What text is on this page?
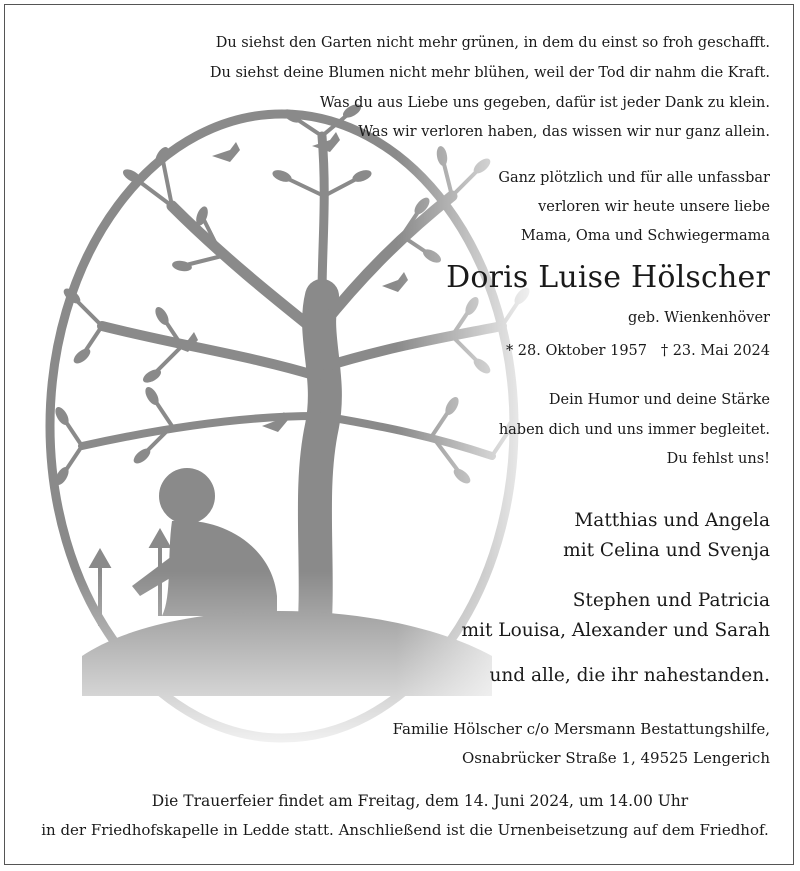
Du siehst den Garten nicht mehr grünen, in dem du einst so froh geschafft.
Du siehst deine Blumen nicht mehr blühen, weil der Tod dir nahm die Kraft.
Was du aus Liebe uns gegeben, dafür ist jeder Dank zu klein.
Was wir verloren haben, das wissen wir nur ganz allein.
Ganz plötzlich und für alle unfassbar
verloren wir heute unsere liebe
Mama, Oma und Schwiegermama
Doris Luise Hölscher
geb. Wienkenhöver
* 28. Oktober 1957   † 23. Mai 2024
Dein Humor und deine Stärke
haben dich und uns immer begleitet.
Du fehlst uns!
Matthias und Angela
mit Celina und Svenja
Stephen und Patricia
mit Louisa, Alexander und Sarah
und alle, die ihr nahestanden.
Familie Hölscher c/o Mersmann Bestattungshilfe,
Osnabrücker Straße 1, 49525 Lengerich
Die Trauerfeier findet am Freitag, dem 14. Juni 2024, um 14.00 Uhr
in der Friedhofskapelle in Ledde statt. Anschließend ist die Urnenbeisetzung auf dem Friedhof.
